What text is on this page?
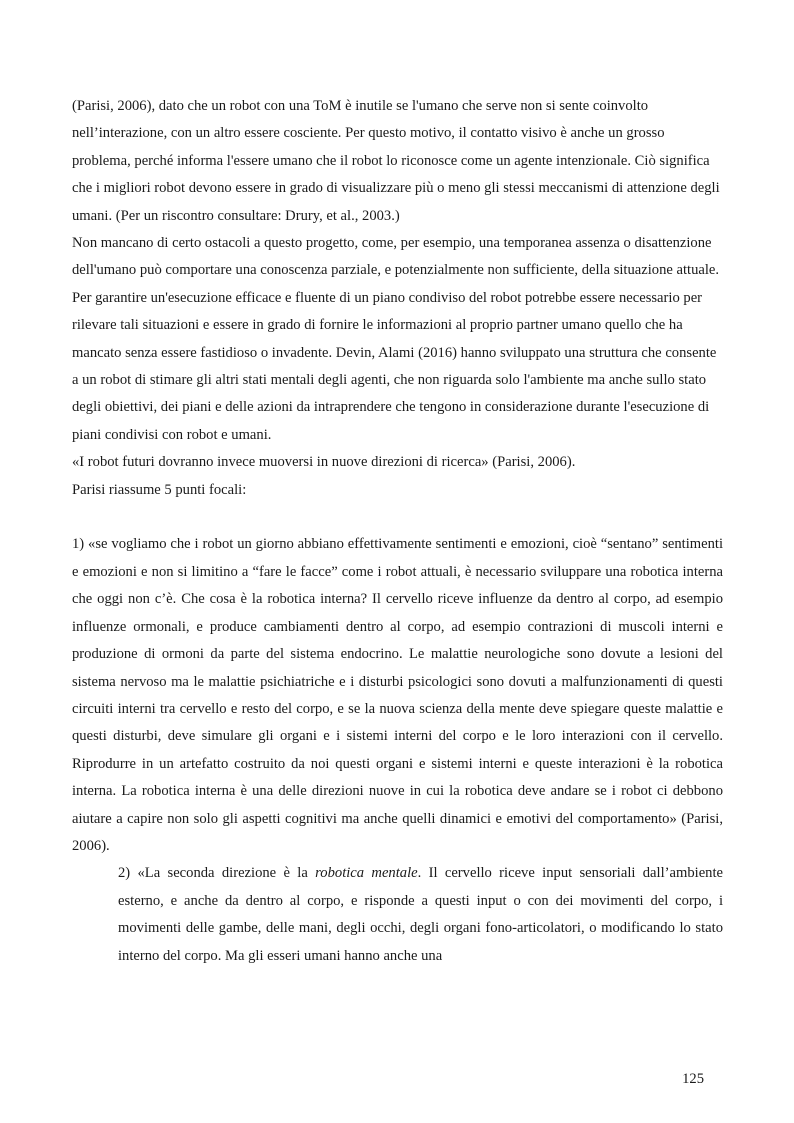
(Parisi, 2006), dato che un robot con una ToM è inutile se l'umano che serve non si sente coinvolto nell’interazione, con un altro essere cosciente. Per questo motivo, il contatto visivo è anche un grosso problema, perché informa l'essere umano che il robot lo riconosce come un agente intenzionale. Ciò significa che i migliori robot devono essere in grado di visualizzare più o meno gli stessi meccanismi di attenzione degli umani. (Per un riscontro consultare: Drury, et al., 2003.)

Non mancano di certo ostacoli a questo progetto, come, per esempio, una temporanea assenza o disattenzione dell'umano può comportare una conoscenza parziale, e potenzialmente non sufficiente, della situazione attuale. Per garantire un'esecuzione efficace e fluente di un piano condiviso del robot potrebbe essere necessario per rilevare tali situazioni e essere in grado di fornire le informazioni al proprio partner umano quello che ha mancato senza essere fastidioso o invadente. Devin, Alami (2016) hanno sviluppato una struttura che consente a un robot di stimare gli altri stati mentali degli agenti, che non riguarda solo l'ambiente ma anche sullo stato degli obiettivi, dei piani e delle azioni da intraprendere che tengono in considerazione durante l'esecuzione di piani condivisi con robot e umani.

«I robot futuri dovranno invece muoversi in nuove direzioni di ricerca» (Parisi, 2006).

Parisi riassume 5 punti focali:

1) «se vogliamo che i robot un giorno abbiano effettivamente sentimenti e emozioni, cioè “sentano” sentimenti e emozioni e non si limitino a “fare le facce” come i robot attuali, è necessario sviluppare una robotica interna che oggi non c’è. Che cosa è la robotica interna? Il cervello riceve influenze da dentro al corpo, ad esempio influenze ormonali, e produce cambiamenti dentro al corpo, ad esempio contrazioni di muscoli interni e produzione di ormoni da parte del sistema endocrino. Le malattie neurologiche sono dovute a lesioni del sistema nervoso ma le malattie psichiatriche e i disturbi psicologici sono dovuti a malfunzionamenti di questi circuiti interni tra cervello e resto del corpo, e se la nuova scienza della mente deve spiegare queste malattie e questi disturbi, deve simulare gli organi e i sistemi interni del corpo e le loro interazioni con il cervello. Riprodurre in un artefatto costruito da noi questi organi e sistemi interni e queste interazioni è la robotica interna. La robotica interna è una delle direzioni nuove in cui la robotica deve andare se i robot ci debbono aiutare a capire non solo gli aspetti cognitivi ma anche quelli dinamici e emotivi del comportamento» (Parisi, 2006).

2) «La seconda direzione è la robotica mentale. Il cervello riceve input sensoriali dall’ambiente esterno, e anche da dentro al corpo, e risponde a questi input o con dei movimenti del corpo, i movimenti delle gambe, delle mani, degli occhi, degli organi fono-articolatori, o modificando lo stato interno del corpo. Ma gli esseri umani hanno anche una

125
